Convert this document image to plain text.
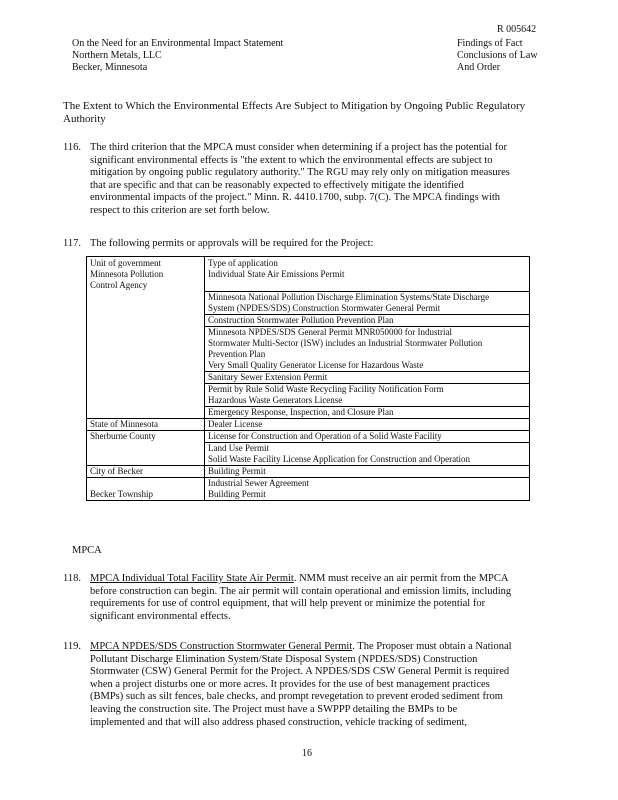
R 005642
On the Need for an Environmental Impact Statement
Northern Metals, LLC
Becker, Minnesota
Findings of Fact
Conclusions of Law
And Order
The Extent to Which the Environmental Effects Are Subject to Mitigation by Ongoing Public Regulatory
Authority
116. The third criterion that the MPCA must consider when determining if a project has the potential for
significant environmental effects is "the extent to which the environmental effects are subject to
mitigation by ongoing public regulatory authority." The RGU may rely only on mitigation measures
that are specific and that can be reasonably expected to effectively mitigate the identified
environmental impacts of the project." Minn. R. 4410.1700, subp. 7(C). The MPCA findings with
respect to this criterion are set forth below.
117. The following permits or approvals will be required for the Project:
Unit of government	Type of application

Minnesota Pollution
Control Agency	Individual State Air Emissions Permit

	Minnesota National Pollution Discharge Elimination Systems/State Discharge
System (NPDES/SDS) Construction Stormwater General Permit

	Construction Stormwater Pollution Prevention Plan

	Minnesota NPDES/SDS General Permit MNR050000 for Industrial
Stormwater Multi-Sector (ISW) includes an Industrial Stormwater Pollution
Prevention Plan
Very Small Quality Generator License for Hazardous Waste

	Sanitary Sewer Extension Permit

	Permit by Rule Solid Waste Recycling Facility Notification Form
Hazardous Waste Generators License

	Emergency Response, Inspection, and Closure Plan

State of Minnesota	Dealer License

Sherburne County	License for Construction and Operation of a Solid Waste Facility

	Land Use Permit
Solid Waste Facility License Application for Construction and Operation

City of Becker	Building Permit

Becker Township	Industrial Sewer Agreement
Building Permit
MPCA
118. MPCA Individual Total Facility State Air Permit. NMM must receive an air permit from the MPCA
before construction can begin. The air permit will contain operational and emission limits, including
requirements for use of control equipment, that will help prevent or minimize the potential for
significant environmental effects.
119. MPCA NPDES/SDS Construction Stormwater General Permit. The Proposer must obtain a National
Pollutant Discharge Elimination System/State Disposal System (NPDES/SDS) Construction
Stormwater (CSW) General Permit for the Project. A NPDES/SDS CSW General Permit is required
when a project disturbs one or more acres. It provides for the use of best management practices
(BMPs) such as silt fences, bale checks, and prompt revegetation to prevent eroded sediment from
leaving the construction site. The Project must have a SWPPP detailing the BMPs to be
implemented and that will also address phased construction, vehicle tracking of sediment,
16
